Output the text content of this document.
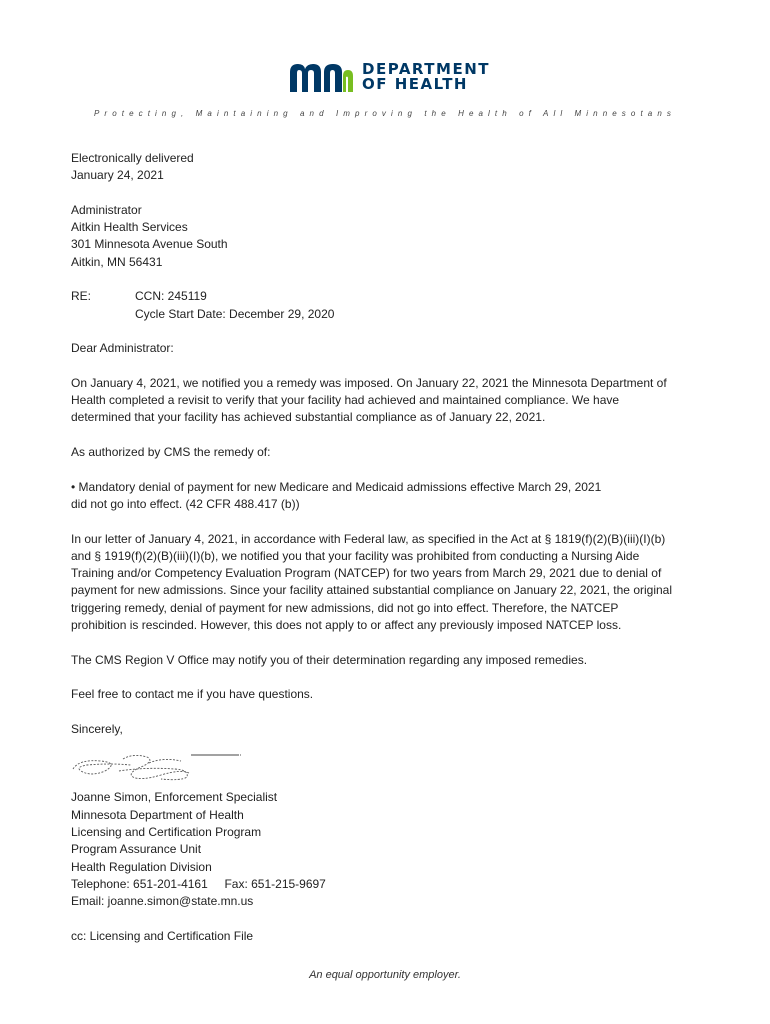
DEPARTMENT
OF HEALTH
Protecting, Maintaining and Improving the Health of All Minnesotans

Electronically delivered
January 24, 2021

Administrator
Aitkin Health Services
301 Minnesota Avenue South
Aitkin, MN 56431

RE:	CCN: 245119
Cycle Start Date: December 29, 2020

Dear Administrator:

On January 4, 2021, we notified you a remedy was imposed. On January 22, 2021 the Minnesota Department of
Health completed a revisit to verify that your facility had achieved and maintained compliance. We have
determined that your facility has achieved substantial compliance as of January 22, 2021.

As authorized by CMS the remedy of:

• Mandatory denial of payment for new Medicare and Medicaid admissions effective March 29, 2021
did not go into effect. (42 CFR 488.417 (b))

In our letter of January 4, 2021, in accordance with Federal law, as specified in the Act at § 1819(f)(2)(B)(iii)(I)(b)
and § 1919(f)(2)(B)(iii)(I)(b), we notified you that your facility was prohibited from conducting a Nursing Aide
Training and/or Competency Evaluation Program (NATCEP) for two years from March 29, 2021 due to denial of
payment for new admissions. Since your facility attained substantial compliance on January 22, 2021, the original
triggering remedy, denial of payment for new admissions, did not go into effect. Therefore, the NATCEP
prohibition is rescinded. However, this does not apply to or affect any previously imposed NATCEP loss.

The CMS Region V Office may notify you of their determination regarding any imposed remedies.

Feel free to contact me if you have questions.

Sincerely,

Joanne Simon, Enforcement Specialist
Minnesota Department of Health
Licensing and Certification Program
Program Assurance Unit
Health Regulation Division
Telephone: 651-201-4161     Fax: 651-215-9697
Email: joanne.simon@state.mn.us

cc: Licensing and Certification File

An equal opportunity employer.
